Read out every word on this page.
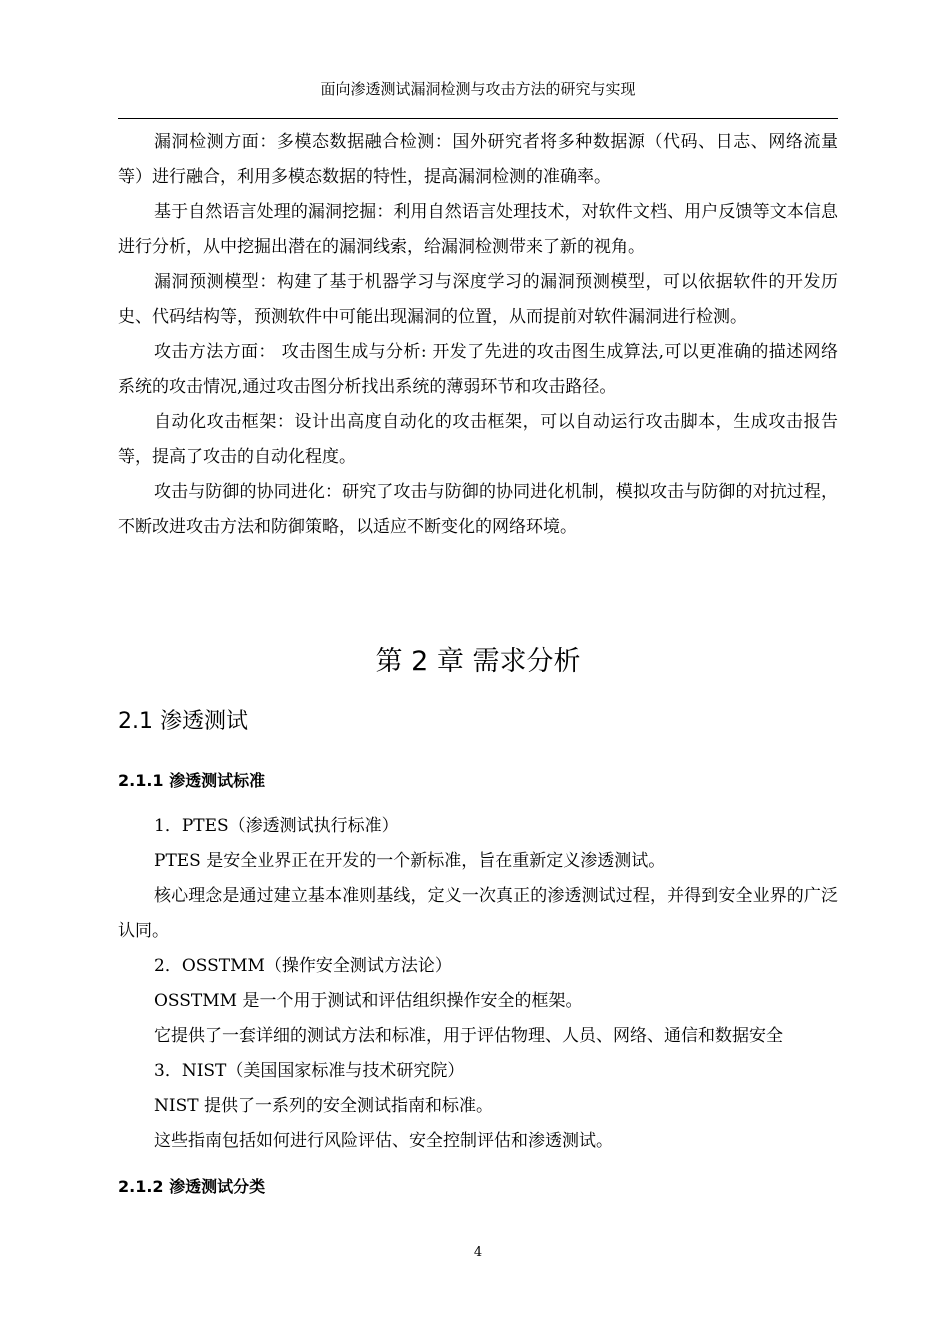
面向渗透测试漏洞检测与攻击方法的研究与实现

漏洞检测方面：多模态数据融合检测：国外研究者将多种数据源（代码、日志、网络流量等）进行融合，利用多模态数据的特性，提高漏洞检测的准确率。

基于自然语言处理的漏洞挖掘：利用自然语言处理技术，对软件文档、用户反馈等文本信息进行分析，从中挖掘出潜在的漏洞线索，给漏洞检测带来了新的视角。

漏洞预测模型：构建了基于机器学习与深度学习的漏洞预测模型，可以依据软件的开发历史、代码结构等，预测软件中可能出现漏洞的位置，从而提前对软件漏洞进行检测。

攻击方法方面： 攻击图生成与分析: 开发了先进的攻击图生成算法,可以更准确的描述网络系统的攻击情况,通过攻击图分析找出系统的薄弱环节和攻击路径。

自动化攻击框架：设计出高度自动化的攻击框架，可以自动运行攻击脚本，生成攻击报告等，提高了攻击的自动化程度。

攻击与防御的协同进化：研究了攻击与防御的协同进化机制，模拟攻击与防御的对抗过程，不断改进攻击方法和防御策略，以适应不断变化的网络环境。

第 2 章 需求分析
2.1 渗透测试
2.1.1 渗透测试标准

1．PTES（渗透测试执行标准）

PTES 是安全业界正在开发的一个新标准，旨在重新定义渗透测试。

核心理念是通过建立基本准则基线，定义一次真正的渗透测试过程，并得到安全业界的广泛认同。

2．OSSTMM（操作安全测试方法论）

OSSTMM 是一个用于测试和评估组织操作安全的框架。

它提供了一套详细的测试方法和标准，用于评估物理、人员、网络、通信和数据安全

3．NIST（美国国家标准与技术研究院）

NIST 提供了一系列的安全测试指南和标准。

这些指南包括如何进行风险评估、安全控制评估和渗透测试。

2.1.2 渗透测试分类
4
